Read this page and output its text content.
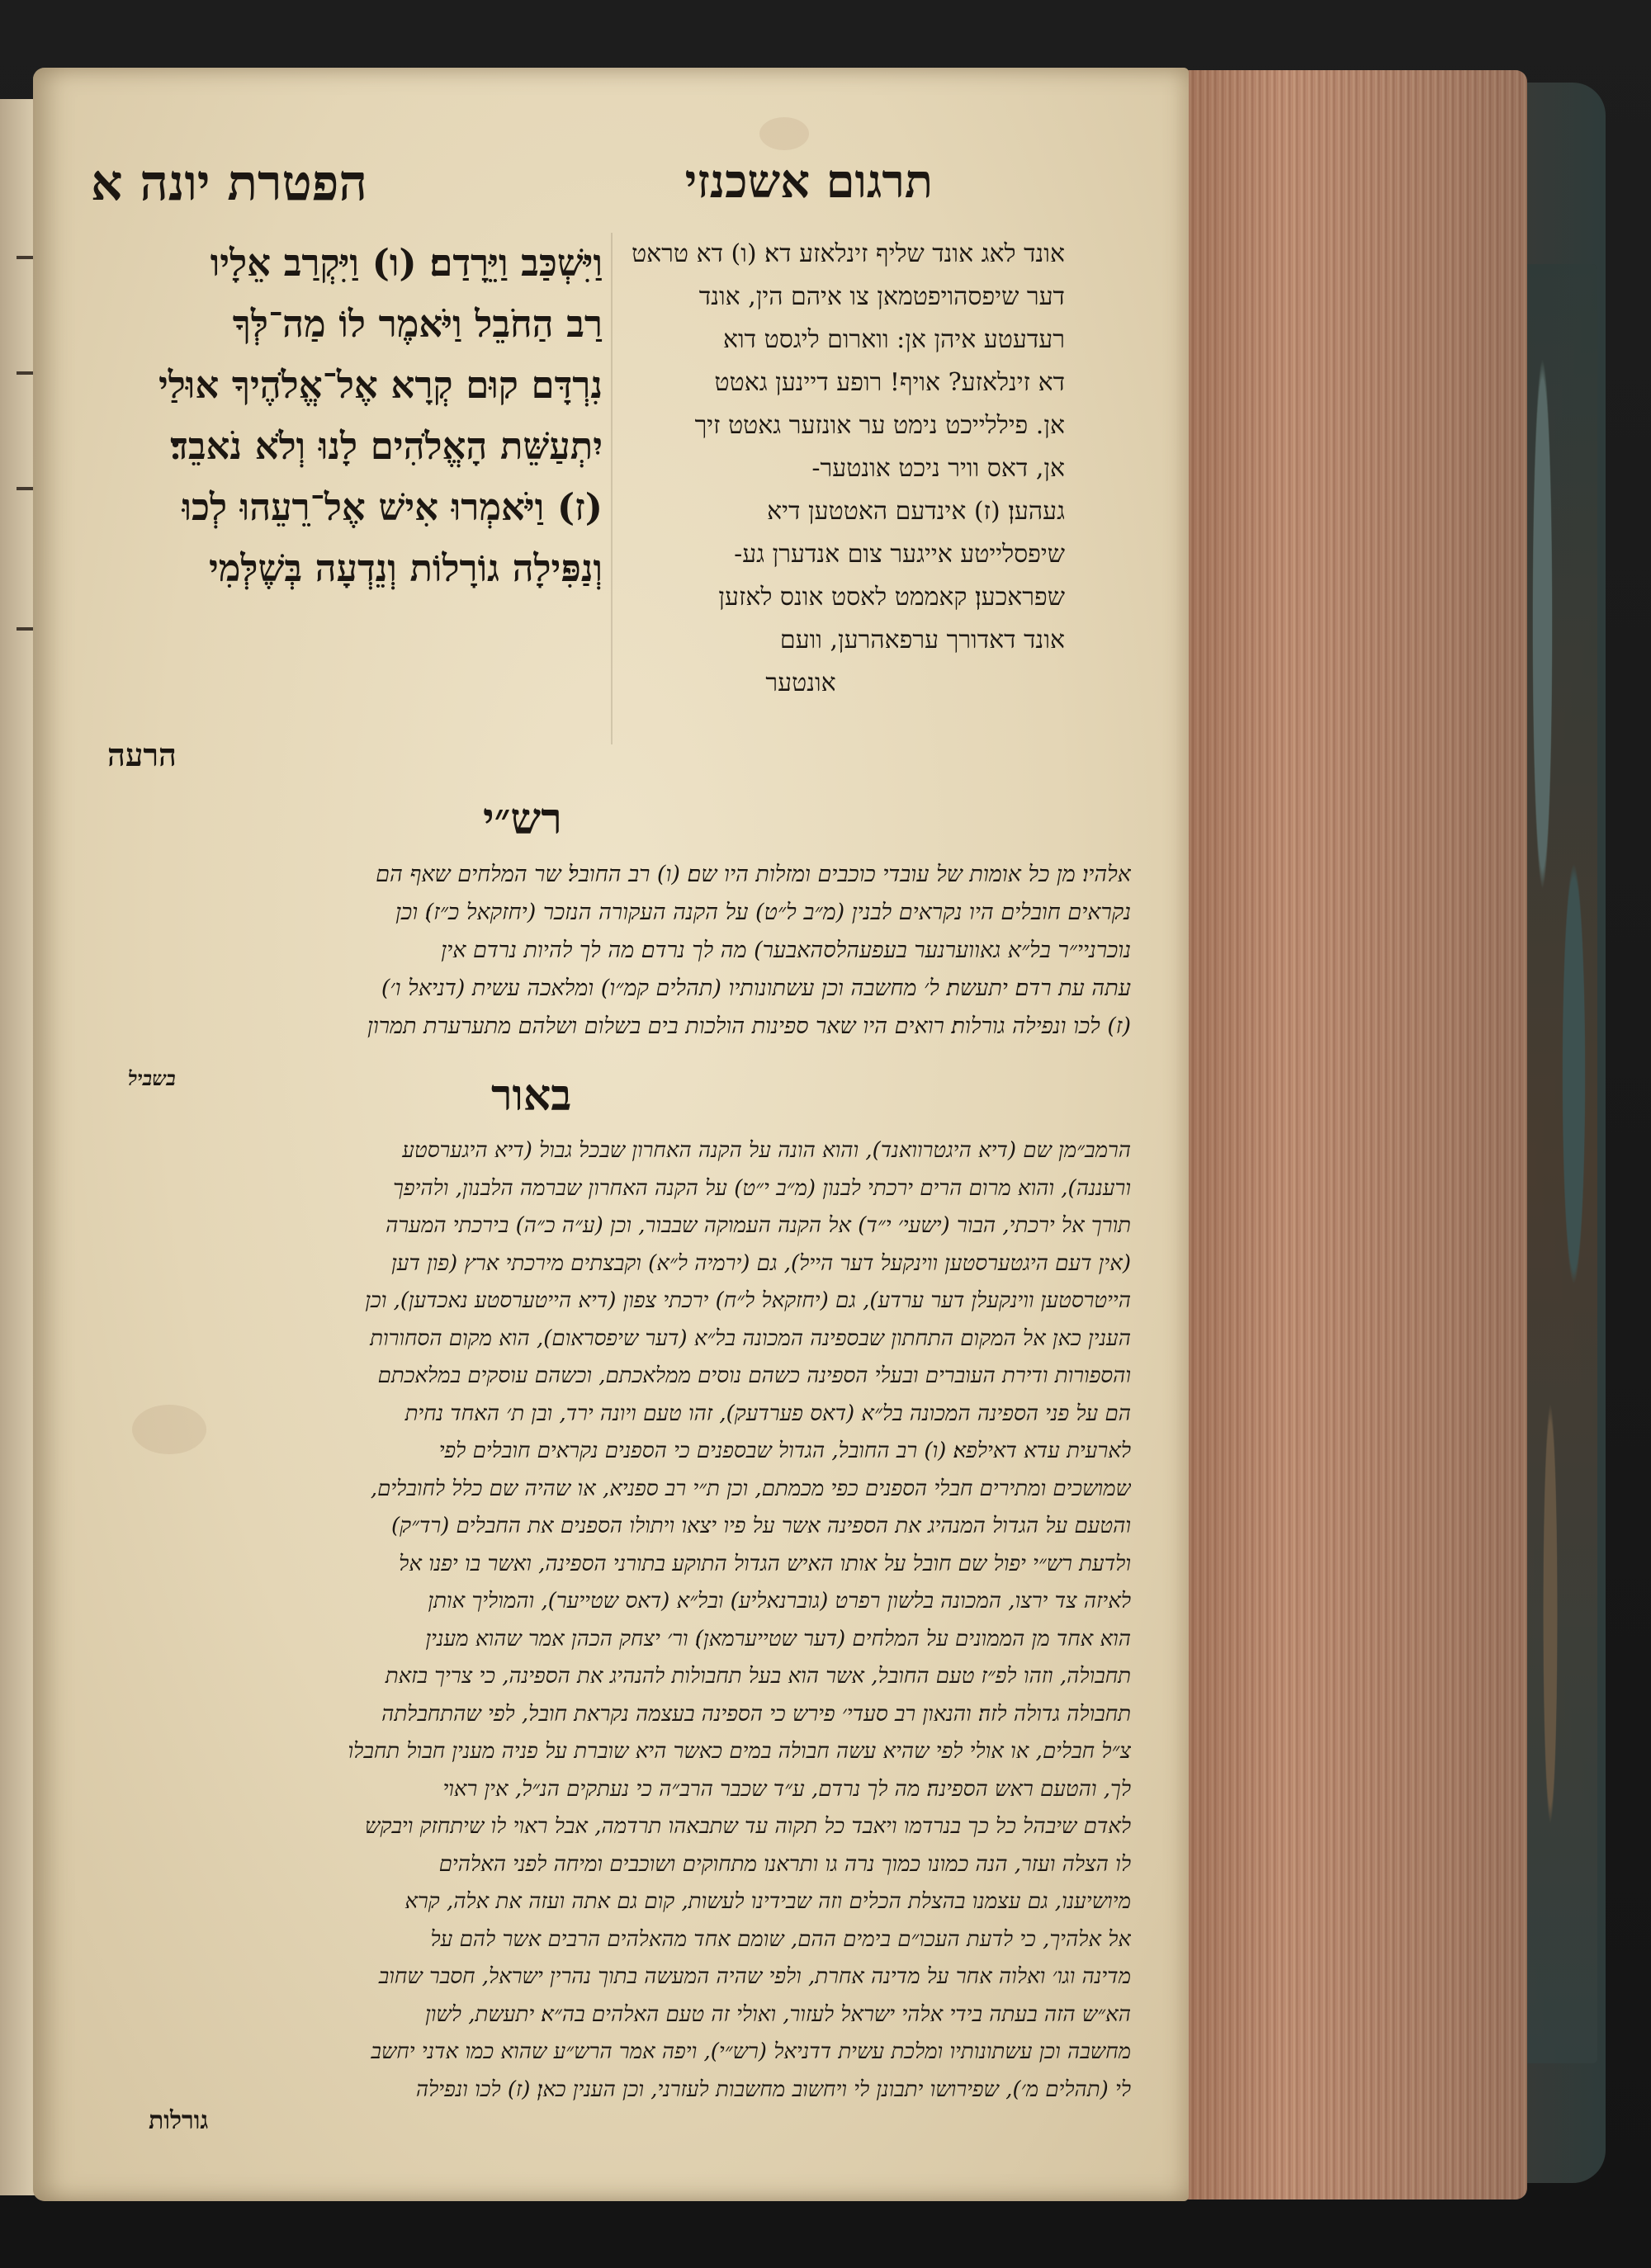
תרגום אשכנזי
הפטרת יונה א
אונד לאג אונד שליף זינלאזע דא׃ (ו) דא טראט
דער שיפסהויפטמאן צו איהם הין, אונד
רעדעטע איהן אן: ווארום ליגסט דוא
דא זינלאזע? אויף! רופע דיינען גאטט
אן. פיללייכט נימט ער אונזער גאטט זיך
אן, דאס וויר ניכט אונטער-
געהען׃ (ז) אינדעם האטטען דיא
שיפסלייטע אייגער צום אנדערן גע-
שפראכען׃ קאממט לאסט אונס לאזען
אונד דאדורך ערפאהרען, וועם
אונטער
וַיִּשְׁכַּב וַיֵּרָדַם׃ (ו) וַיִּקְרַב אֵלָיו
רַב הַחֹבֵל וַיֹּאמֶר לוֹ מַה־לְּךָ
נִרְדָּם קוּם קְרָא אֶל־אֱלֹהֶיךָ אוּלַי
יִתְעַשֵּׁת הָאֱלֹהִים לָנוּ וְלֹא נֹאבֵד׃
(ז) וַיֹּאמְרוּ אִישׁ אֶל־רֵעֵהוּ לְכוּ
וְנַפִּילָה גוֹרָלוֹת וְנֵדְעָה בְּשֶׁלְּמִי
הרעה
רש״י
אלהיו׃ מן כל אומות של עובדי כוכבים ומזלות היו שם׃ (ו) רב החובל׃ שר המלחים שאף הם
נקראים חובלים היו נקראים לבנין (מ״ב ל״ט) על הקנה העקורה הנזכר (יחזקאל כ״ז)׃ וכן
נוכרניי״ר בל״א גאווערנער בעפעהלסהאבער) מה לך נרדם׃ מה לך להיות נרדם אין
עתה עת רדם׃ יתעשת׃ ל׳ מחשבה וכן עשתונותיו (תהלים קמ״ו) ומלאכה עשית (דניאל ו׳)
(ז) לכו ונפילה גורלות׃ רואים היו שאר ספינות הולכות בים בשלום ושלהם מתערערת תמרון
בשביל	באור
הרמב״מן שם (דיא היגטרוואנד), והוא הונה על הקנה האחרון שבכל גבול (דיא היגערסטע
ורעננה), והוא מרום הרים ירכתי לבנון (מ״ב י״ט) על הקנה האחרון שברמה הלבנון, ולהיפך
תורך אל ירכתי, הבור (ישעי׳ י״ד) אל הקנה העמוקה שבבור, וכן (ע״ה כ״ה) בירכתי המערה
(אין דעם היגטערסטען ווינקעל דער הייל), גם (ירמיה ל״א) וקבצתים מירכתי ארץ (פון דען
הייטרסטען ווינקעלן דער ערדע), גם (יחזקאל ל״ח) ירכתי צפון (דיא הייטערסטע נאכדען), וכן
הענין כאן אל המקום התחתון שבספינה המכונה בל״א (דער שיפסראום), הוא מקום הסחורות
והספורות ודירת העוברים ובעלי הספינה כשהם נוסים ממלאכתם, וכשהם עוסקים במלאכתם
הם על פני הספינה המכונה בל״א (דאס פערדעק), זהו טעם ויונה ירד, ובן ת׳ האחד נחית
לארעית עדא דאילפא׃ (ו) רב החובל, הגדול שבספנים כי הספנים נקראים חובלים לפי
שמושכים ומתירים חבלי הספנים כפי מכמתם, וכן ת״י רב ספניא, או שהיה שם כלל לחובלים,
והטעם על הגדול המנהיג את הספינה אשר על פיו יצאו ויתולו הספנים את החבלים (רד״ק)
ולדעת רש״י יפול שם חובל על אותו האיש הגדול התוקע בתורני הספינה, ואשר בו יפנו אל
לאיזה צד ירצו, המכונה בלשון רפרט (גוברנאליע) ובל״א (דאס שטייער), והמוליך אותן
הוא אחד מן הממונים על המלחים (דער שטייערמאן)׃ ור׳ יצחק הכהן אמר שהוא מענין
תחבולה, וזהו לפ״ז טעם החובל, אשר הוא בעל תחבולות להנהיג את הספינה, כי צריך בזאת
תחבולה גדולה לזה׃ והנאון רב סעדי׳ פירש כי הספינה בעצמה נקראת חובל, לפי שהתחבלתה
צ״ל חבלים, או אולי לפי שהיא עשה חבולה במים כאשר היא שוברת על פניה מענין חבול תחבלו
לך, והטעם ראש הספינה׃ מה לך נרדם, ע״ד שכבר הרב״ה כי נעתקים הנ״ל, אין ראוי
לאדם שיבהל כל כך בנרדמו ויאבד כל תקוה עד שתבאהו תרדמה, אבל ראוי לו שיתחזק ויבקש
לו הצלה ועזר, הנה כמונו כמוך נרה גו ותראנו מתחוקים ושוכבים ומיחה לפני האלהים
מיושיענו, גם עצמנו בהצלת הכלים וזה שבידינו לעשות, קום גם אתה ועזה את אלה, קרא
אל אלהיך, כי לדעת העכו״ם בימים ההם, שומם אחד מהאלהים הרבים אשר להם על
מדינה וגו׳ ואלוה אחר על מדינה אחרת, ולפי שהיה המעשה בתוך נהרין ישראל, חסבר שחוב
הא״ש הזה בעתה בידי אלהי ישראל לעזור, ואולי זה טעם האלהים בה״א׃ יתעשת, לשון
מחשבה וכן עשתונותיו ומלכת עשית דדניאל (רש״י), ויפה אמר הרש״ע שהוא כמו אדני יחשב
לי (תהלים מ׳), שפירושו יתבונן לי ויחשוב מחשבות לעזרני, וכן הענין כאן׃ (ז) לכו ונפילה
גורלות
